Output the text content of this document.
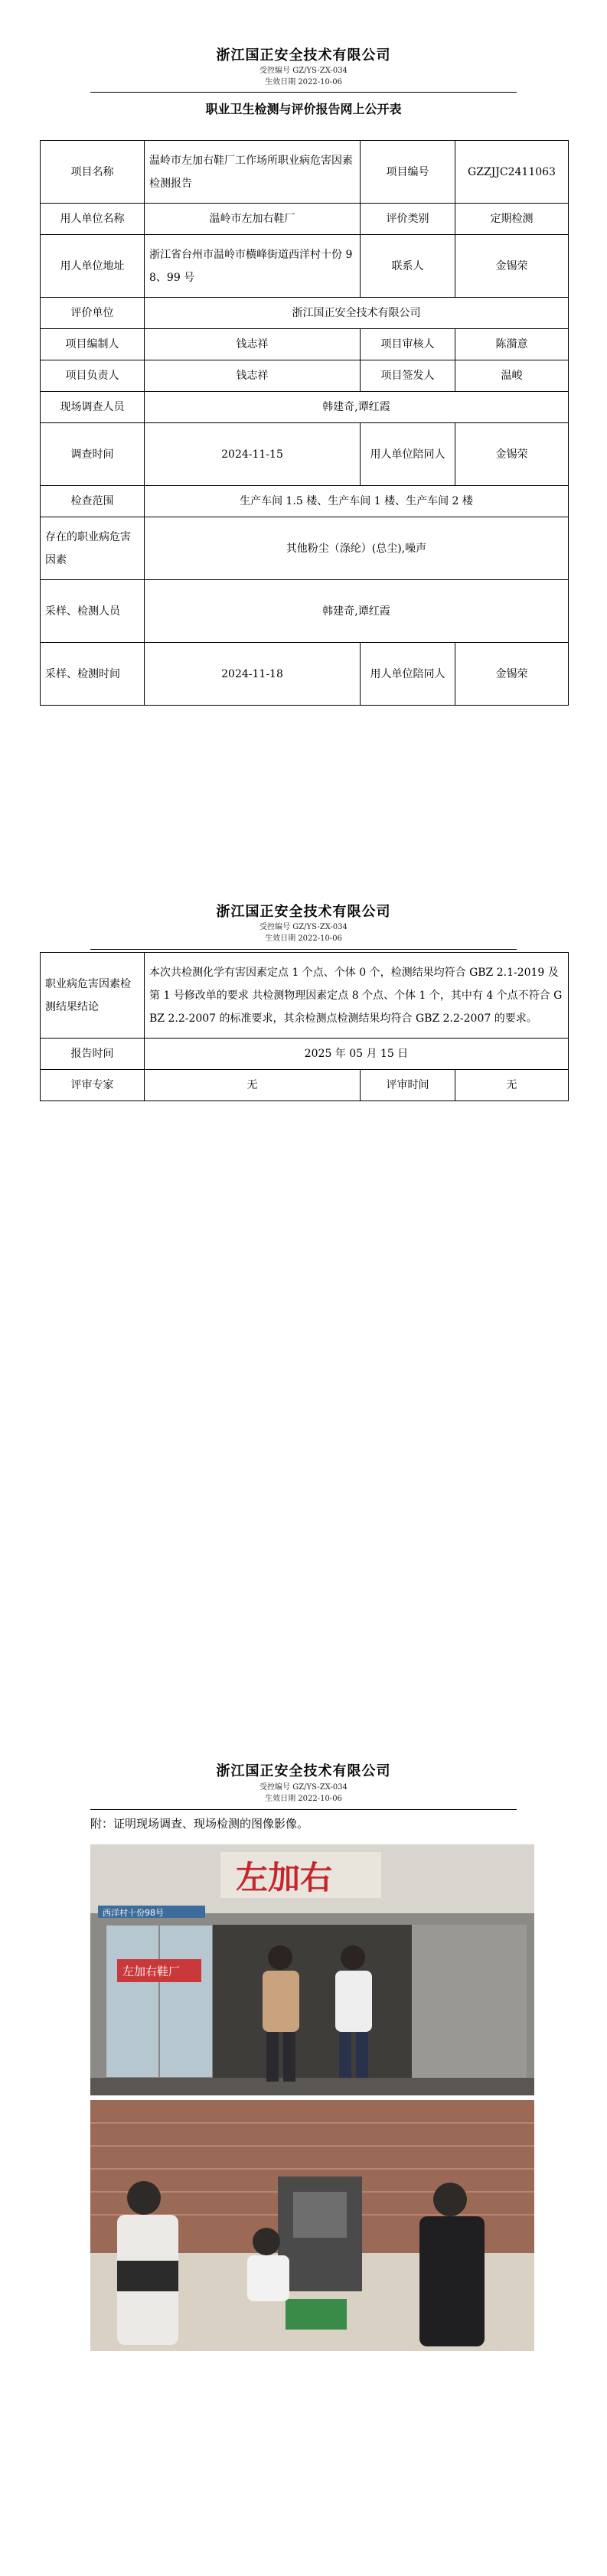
浙江国正安全技术有限公司
受控编号 GZ/YS-ZX-034
生效日期 2022-10-06
职业卫生检测与评价报告网上公开表
项目名称	温岭市左加右鞋厂工作场所职业病危害因素检测报告	项目编号	GZZJJC2411063
用人单位名称	温岭市左加右鞋厂	评价类别	定期检测
用人单位地址	浙江省台州市温岭市横峰街道西洋村十份 98、99 号	联系人	金锡荣
评价单位	浙江国正安全技术有限公司		
项目编制人	钱志祥	项目审核人	陈漪意
项目负责人	钱志祥	项目签发人	温峻
现场调查人员	韩建奇,谭红霞		
调查时间	2024-11-15	用人单位陪同人	金锡荣
检查范围	生产车间 1.5 楼、生产车间 1 楼、生产车间 2 楼		
存在的职业病危害因素	其他粉尘（涤纶）(总尘),噪声		
采样、检测人员	韩建奇,谭红霞		
采样、检测时间	2024-11-18	用人单位陪同人	金锡荣
浙江国正安全技术有限公司
受控编号 GZ/YS-ZX-034
生效日期 2022-10-06
职业病危害因素检测结果结论	本次共检测化学有害因素定点 1 个点、个体 0 个，检测结果均符合 GBZ 2.1-2019 及第 1 号修改单的要求 共检测物理因素定点 8 个点、个体 1 个，其中有 4 个点不符合 GBZ 2.2-2007 的标准要求，其余检测点检测结果均符合 GBZ 2.2-2007 的要求。		
报告时间	2025 年 05 月 15 日		
评审专家	无	评审时间	无
浙江国正安全技术有限公司
受控编号 GZ/YS-ZX-034
生效日期 2022-10-06
附：证明现场调查、现场检测的图像影像。
左加右
西洋村十份98号
左加右鞋厂
